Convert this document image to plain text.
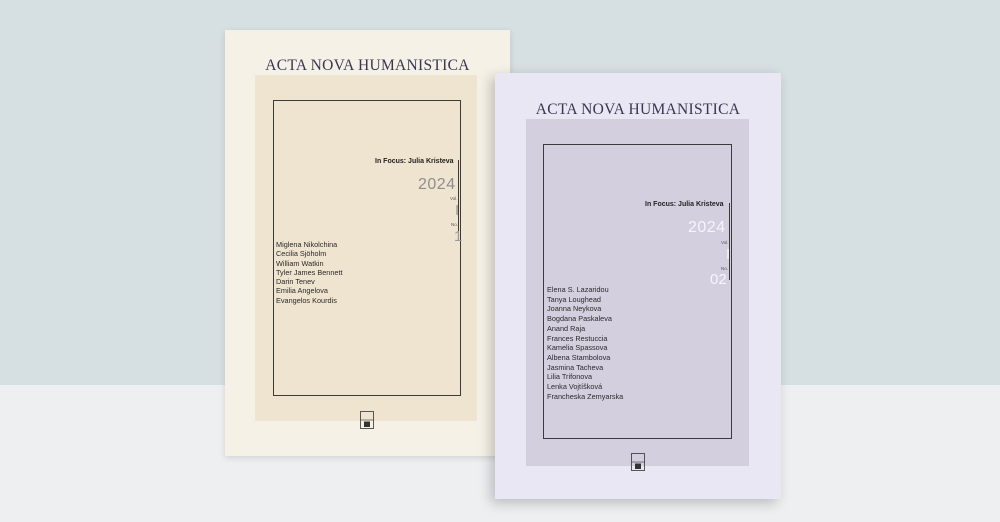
ACTA NOVA HUMANISTICA
In Focus: Julia Kristeva
2024
Vol.
I
No.
1
Miglena Nikolchina
Cecilia Sjöholm
William Watkin
Tyler James Bennett
Darin Tenev
Emilia Angelova
Evangelos Kourdis
ACTA NOVA HUMANISTICA
In Focus: Julia Kristeva
2024
Vol.
I
No.
02
Elena S. Lazaridou
Tanya Loughead
Joanna Neykova
Bogdana Paskaleva
Anand Raja
Frances Restuccia
Kamelia Spassova
Albena Stambolova
Jasmina Tacheva
Lilia Trifonova
Lenka Vojtíšková
Francheska Zemyarska
